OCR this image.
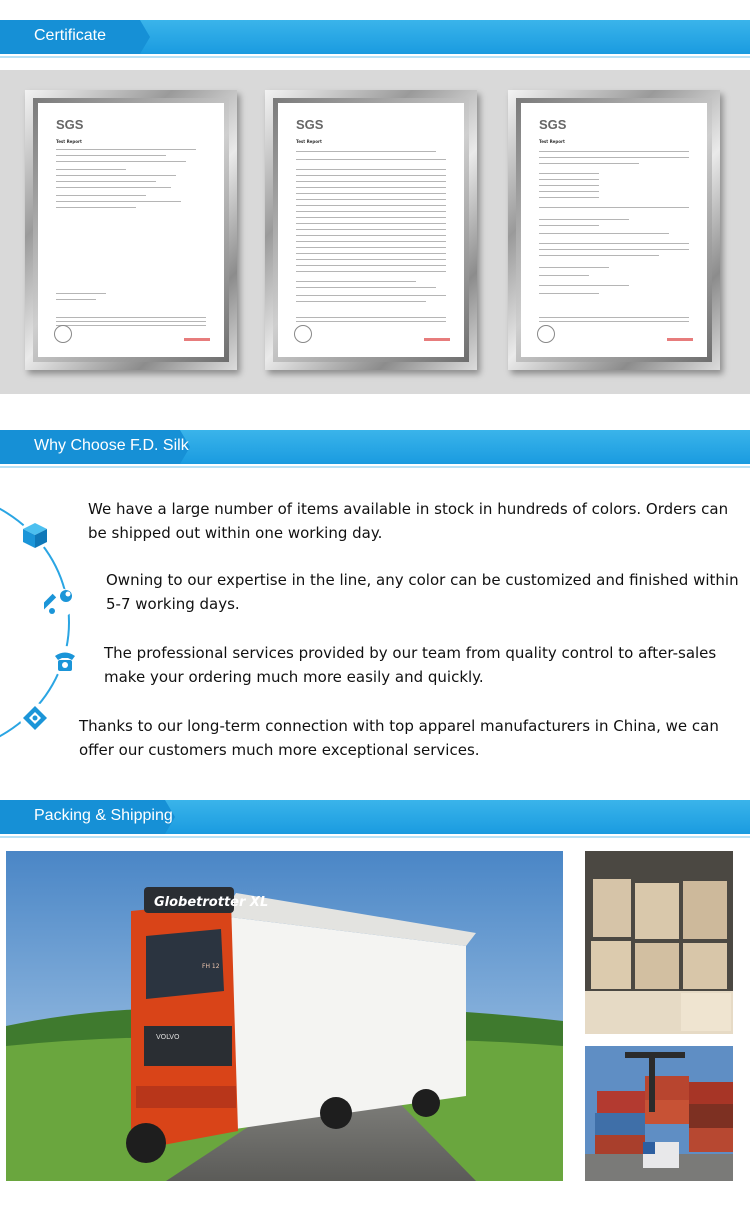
Certificate
SGS
Test Report
SGS
Test Report
SGS
Test Report
Why Choose F.D. Silk
We have a large number of items available in stock in hundreds of colors. Orders can be shipped out within one working day.
Owning to our expertise in the line, any color can be customized and finished within 5-7 working days.
The professional services provided by our team from quality control to after-sales make your ordering much more easily and quickly.
Thanks to our long-term connection with top apparel manufacturers in China, we can offer our customers much more exceptional services.
Packing & Shipping
Globetrotter XL
VOLVO
FH 12
